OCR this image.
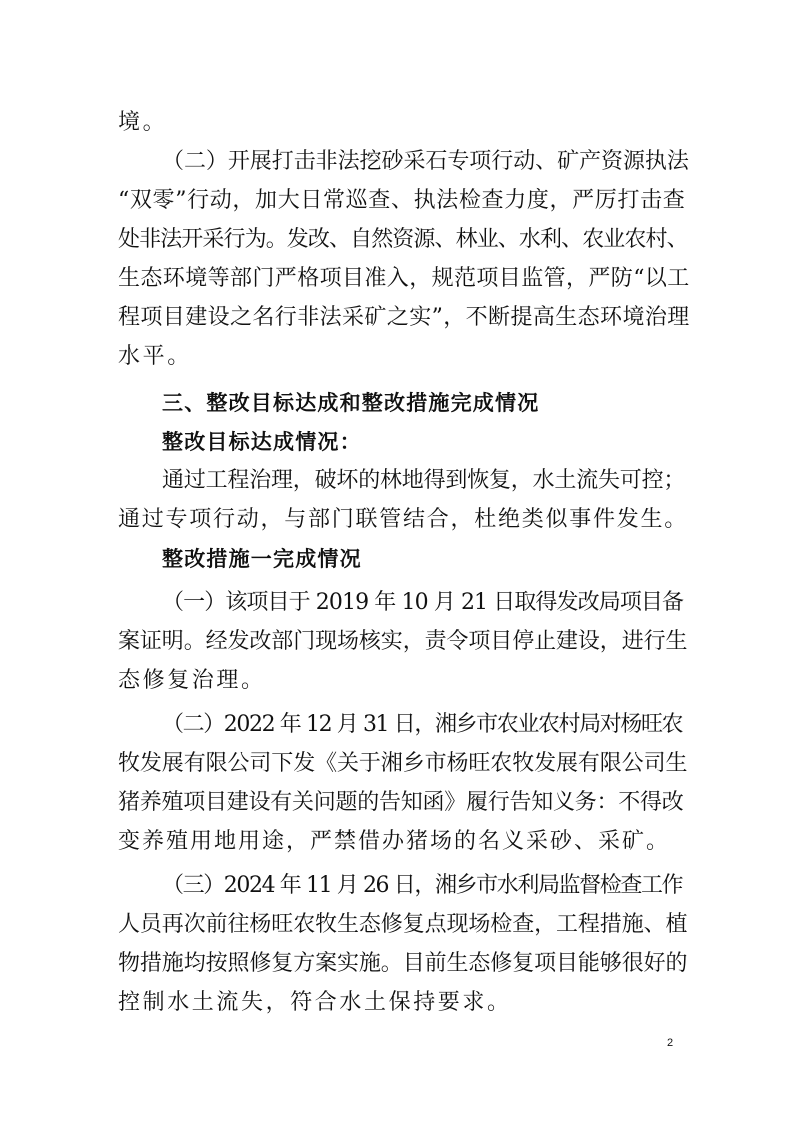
境。
（二）开展打击非法挖砂采石专项行动、矿产资源执法
“双零”行动，加大日常巡查、执法检查力度，严厉打击查
处非法开采行为。发改、自然资源、林业、水利、农业农村、
生态环境等部门严格项目准入，规范项目监管，严防“以工
程项目建设之名行非法采矿之实”，不断提高生态环境治理
水平。
三、整改目标达成和整改措施完成情况
整改目标达成情况：
通过工程治理，破坏的林地得到恢复，水土流失可控；
通过专项行动，与部门联管结合，杜绝类似事件发生。
整改措施一完成情况
（一）该项目于 2019 年 10 月 21 日取得发改局项目备
案证明。经发改部门现场核实，责令项目停止建设，进行生
态修复治理。
（二）2022 年 12 月 31 日，湘乡市农业农村局对杨旺农
牧发展有限公司下发《关于湘乡市杨旺农牧发展有限公司生
猪养殖项目建设有关问题的告知函》履行告知义务：不得改
变养殖用地用途，严禁借办猪场的名义采砂、采矿。
（三）2024 年 11 月 26 日，湘乡市水利局监督检查工作
人员再次前往杨旺农牧生态修复点现场检查，工程措施、植
物措施均按照修复方案实施。目前生态修复项目能够很好的
控制水土流失，符合水土保持要求。
2
